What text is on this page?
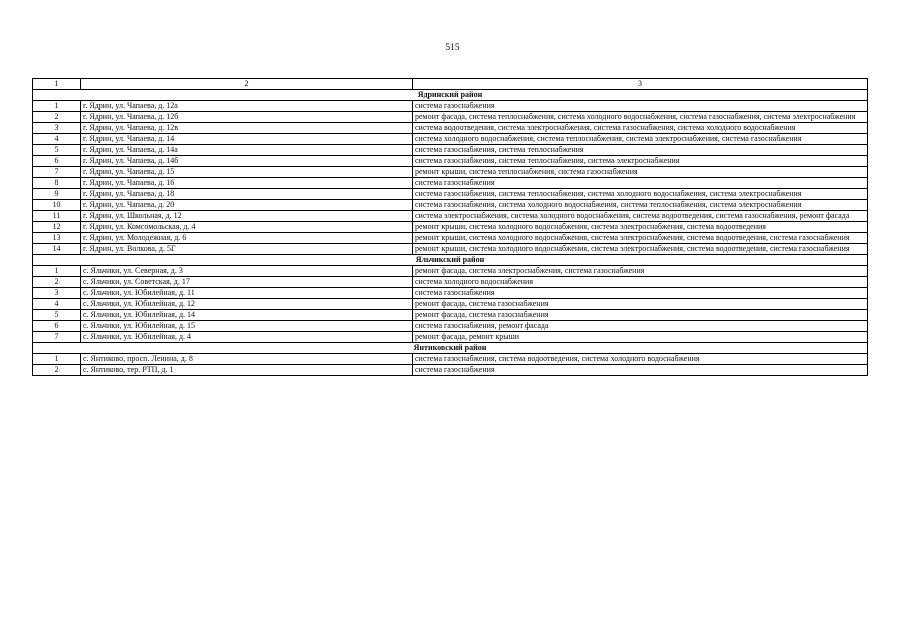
515
1	2	3
Ядринский район		
1	г. Ядрин, ул. Чапаева, д. 12а	система газоснабжения
2	г. Ядрин, ул. Чапаева, д. 12б	ремонт фасада, система теплоснабжения, система холодного водоснабжения, система газоснабжения, система электроснабжения
3	г. Ядрин, ул. Чапаева, д. 12в	система водоотведения, система электроснабжения, система газоснабжения, система холодного водоснабжения
4	г. Ядрин, ул. Чапаева, д. 14	система холодного водоснабжения, система теплоснабжения, система электроснабжения, система газоснабжения
5	г. Ядрин, ул. Чапаева, д. 14а	система газоснабжения, система теплоснабжения
6	г. Ядрин, ул. Чапаева, д. 14б	система газоснабжения, система теплоснабжения, система электроснабжения
7	г. Ядрин, ул. Чапаева, д. 15	ремонт крыши, система теплоснабжения, система газоснабжения
8	г. Ядрин, ул. Чапаева, д. 16	система газоснабжения
9	г. Ядрин, ул. Чапаева, д. 18	система газоснабжения, система теплоснабжения, система холодного водоснабжения, система электроснабжения
10	г. Ядрин, ул. Чапаева, д. 20	система газоснабжения, система холодного водоснабжения, система теплоснабжения, система электроснабжения
11	г. Ядрин, ул. Школьная, д. 12	система электроснабжения, система холодного водоснабжения, система водоотведения, система газоснабжения, ремонт фасада
12	г. Ядрин, ул. Комсомольская, д. 4	ремонт крыши, система холодного водоснабжения, система электроснабжения, система водоотведения
13	г. Ядрин, ул. Молодежная, д. 6	ремонт крыши, система холодного водоснабжения, система электроснабжения, система водоотведения, система газоснабжения
14	г. Ядрин, ул. Волкова, д. 5Г	ремонт крыши, система холодного водоснабжения, система электроснабжения, система водоотведения, система газоснабжения
Яльчикский район		
1	с. Яльчики, ул. Северная, д. 3	ремонт фасада, система электроснабжения, система газоснабжения
2	с. Яльчики, ул. Советская, д. 17	система холодного водоснабжения
3	с. Яльчики, ул. Юбилейная, д. 11	система газоснабжения
4	с. Яльчики, ул. Юбилейная, д. 12	ремонт фасада, система газоснабжения
5	с. Яльчики, ул. Юбилейная, д. 14	ремонт фасада, система газоснабжения
6	с. Яльчики, ул. Юбилейная, д. 15	система газоснабжения, ремонт фасада
7	с. Яльчики, ул. Юбилейная, д. 4	ремонт фасада, ремонт крыши
Янтиковский район		
1	с. Янтиково, просп. Ленина, д. 8	система газоснабжения, система водоотведения, система холодного водоснабжения
2	с. Янтиково, тер. РТП, д. 1	система газоснабжения
